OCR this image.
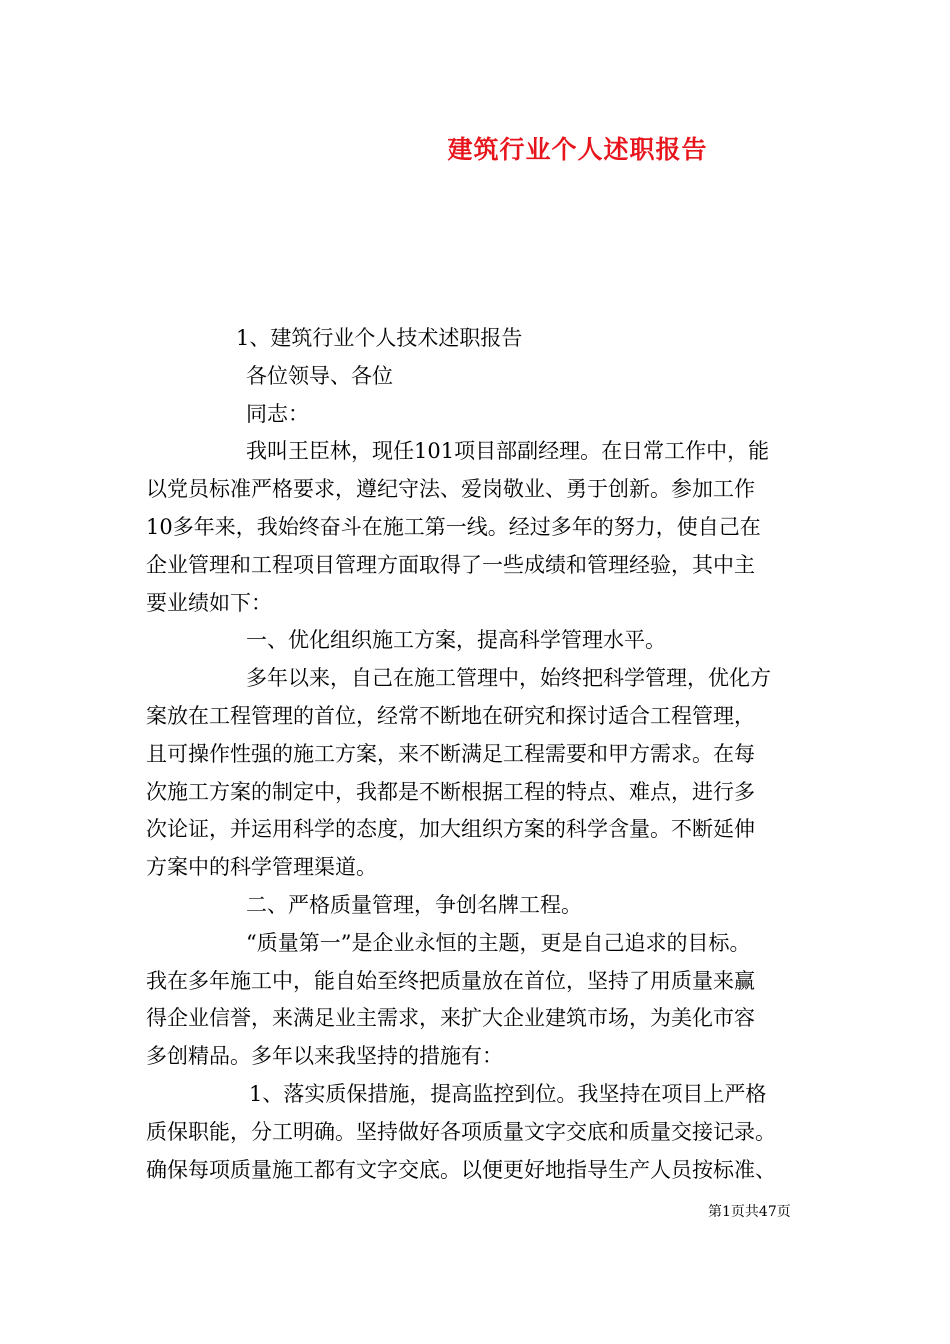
建筑行业个人述职报告
1、建筑行业个人技术述职报告
各位领导、各位
同志：
我叫王臣林，现任101项目部副经理。在日常工作中，能
以党员标准严格要求，遵纪守法、爱岗敬业、勇于创新。参加工作
10多年来，我始终奋斗在施工第一线。经过多年的努力，使自己在
企业管理和工程项目管理方面取得了一些成绩和管理经验，其中主
要业绩如下：
一、优化组织施工方案，提高科学管理水平。
多年以来，自己在施工管理中，始终把科学管理，优化方
案放在工程管理的首位，经常不断地在研究和探讨适合工程管理，
且可操作性强的施工方案，来不断满足工程需要和甲方需求。在每
次施工方案的制定中，我都是不断根据工程的特点、难点，进行多
次论证，并运用科学的态度，加大组织方案的科学含量。不断延伸
方案中的科学管理渠道。
二、严格质量管理，争创名牌工程。
“质量第一”是企业永恒的主题，更是自己追求的目标。
我在多年施工中，能自始至终把质量放在首位，坚持了用质量来赢
得企业信誉，来满足业主需求，来扩大企业建筑市场，为美化市容
多创精品。多年以来我坚持的措施有：
1、落实质保措施，提高监控到位。我坚持在项目上严格
质保职能，分工明确。坚持做好各项质量文字交底和质量交接记录。
确保每项质量施工都有文字交底。以便更好地指导生产人员按标准、
第1页共47页
